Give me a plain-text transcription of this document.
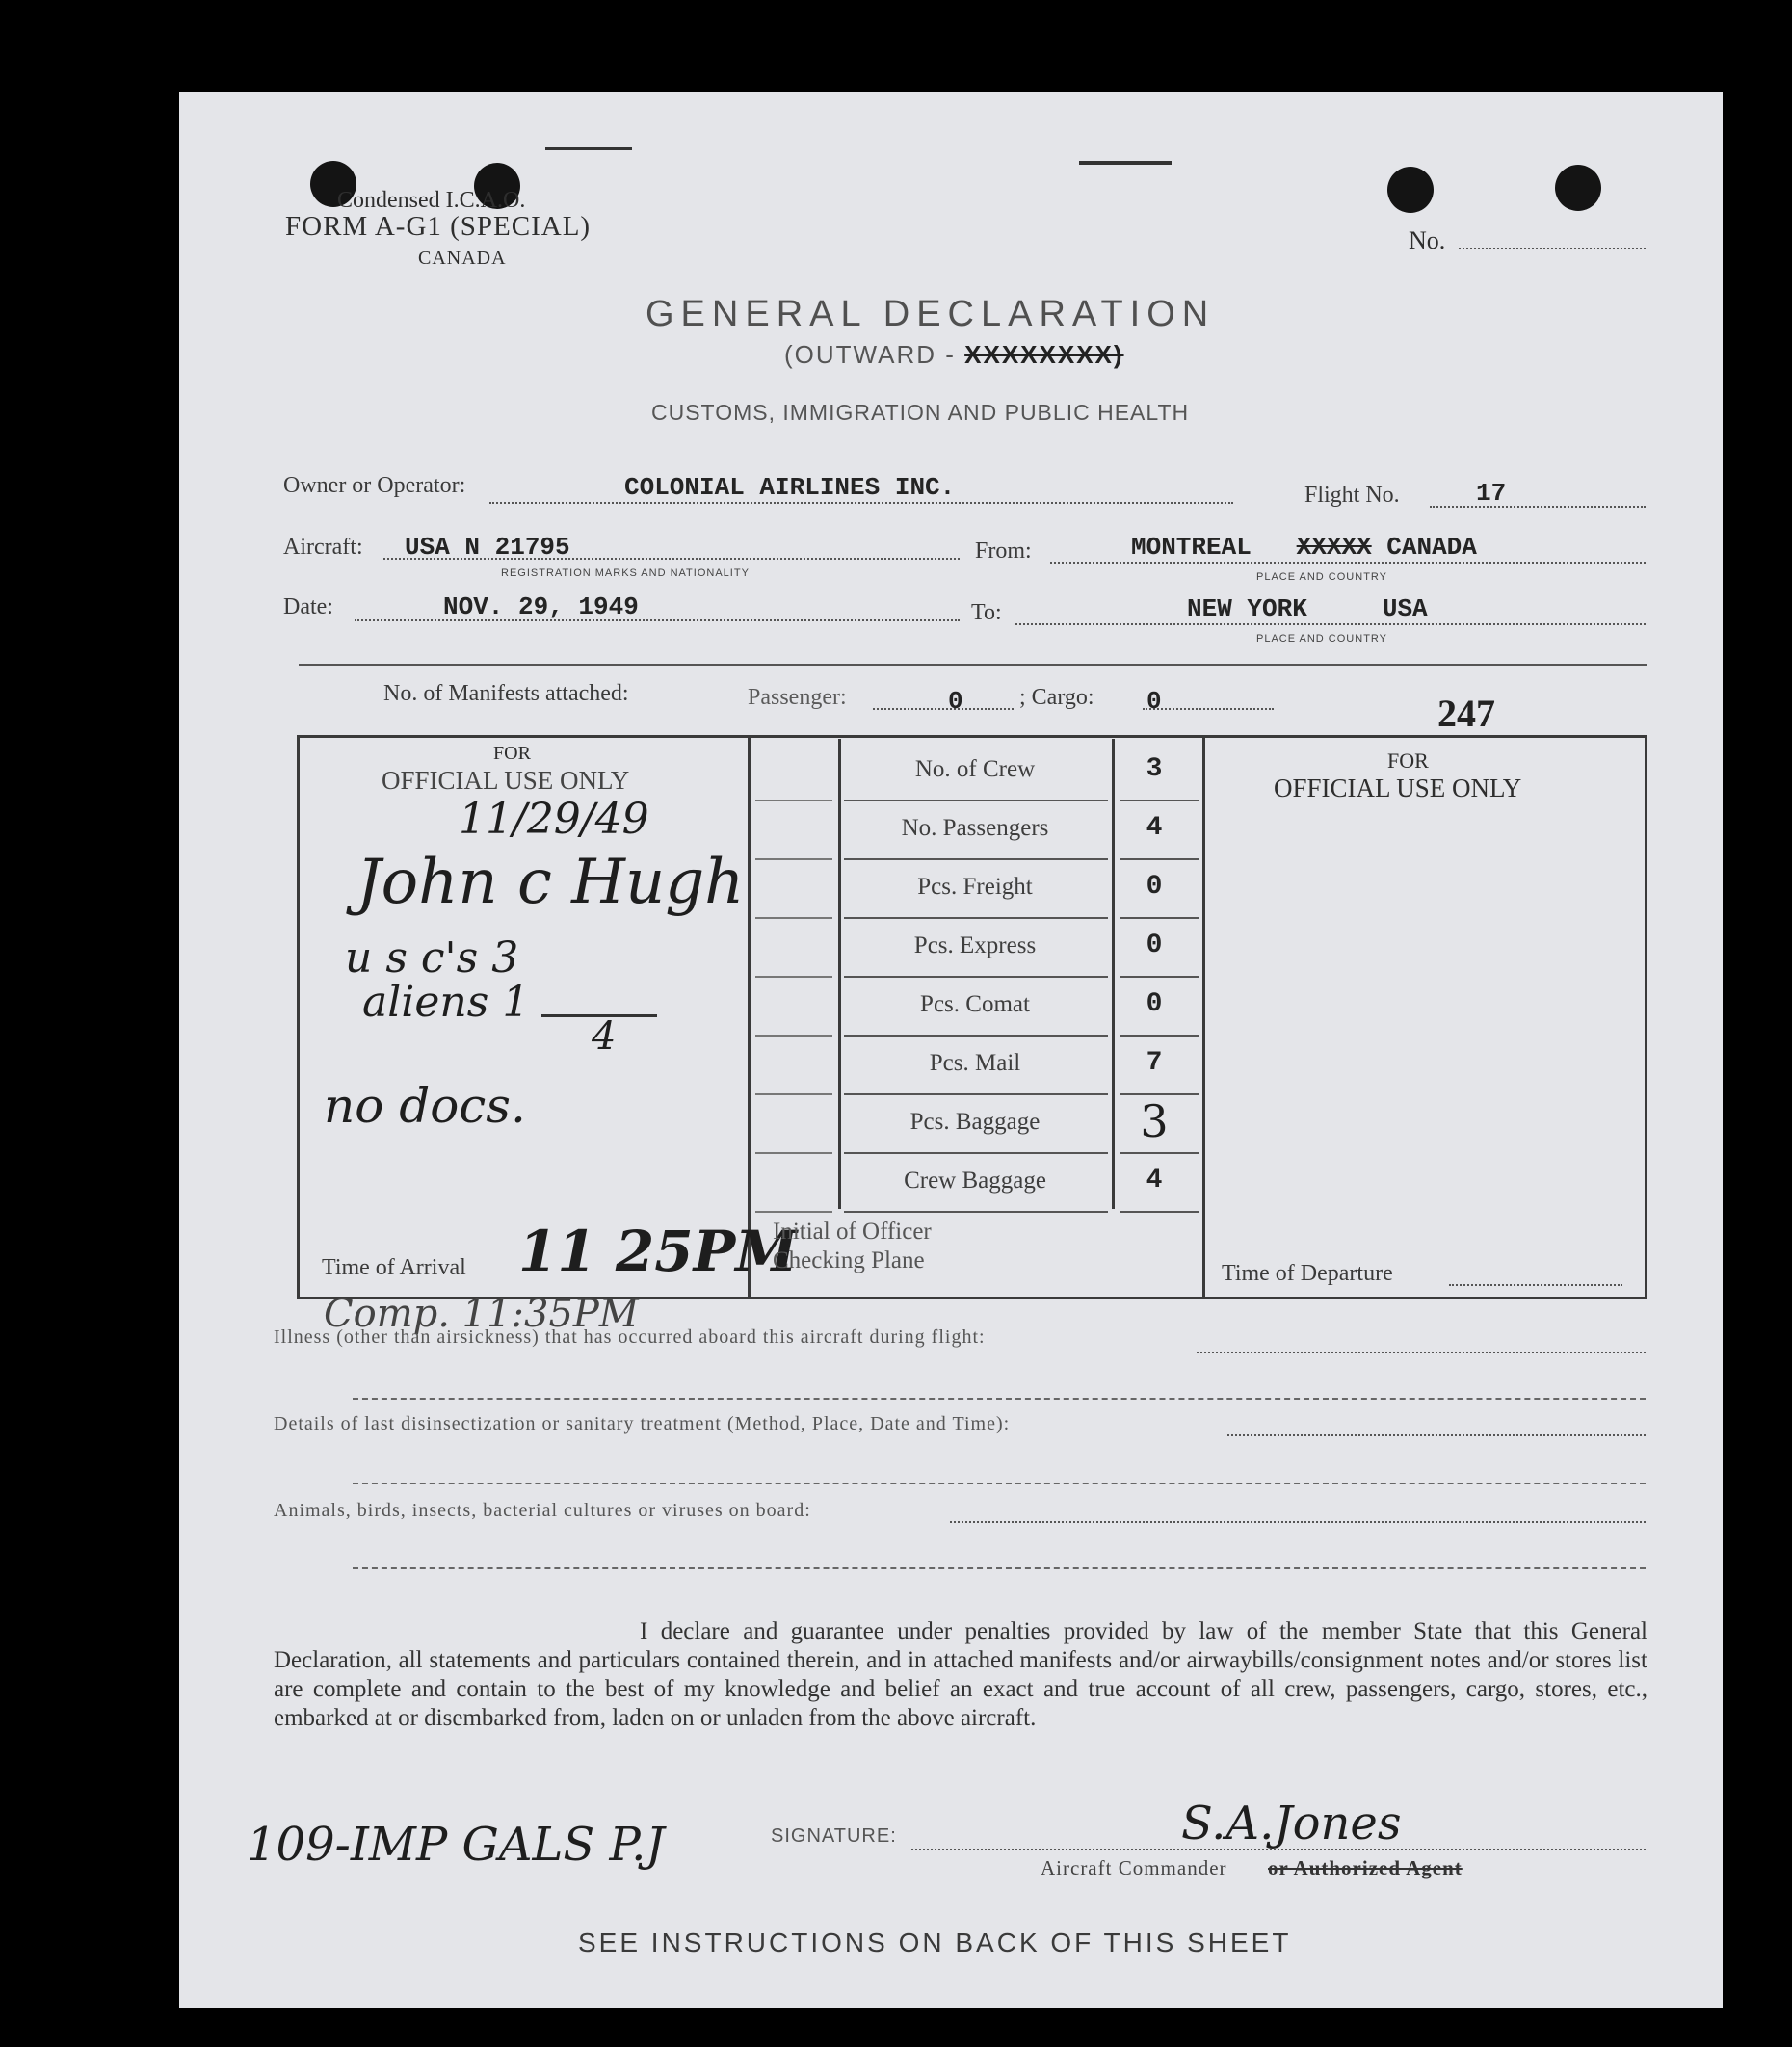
Condensed I.C.A.O.
FORM A-G1 (SPECIAL)
CANADA
No.
GENERAL DECLARATION
(OUTWARD - XXXXXXXX)
CUSTOMS, IMMIGRATION AND PUBLIC HEALTH
Owner or Operator:	COLONIAL AIRLINES INC.	Flight No.	17
Aircraft: USA N 21795
REGISTRATION MARKS AND NATIONALITY
From:	MONTREAL XXXXX CANADA
PLACE AND COUNTRY
Date:	NOV. 29, 1949	To:	NEW YORK	USA
PLACE AND COUNTRY
No. of Manifests attached:	Passenger:	0 ; Cargo: 0	247
FOR
OFFICIAL USE ONLY
11/29/49
John c Hugh
u s c's 3
aliens 1
4
no docs.
Time of Arrival 11 25PM
No. of Crew	3
No. Passengers	4
Pcs. Freight	0
Pcs. Express	0
Pcs. Comat	0
Pcs. Mail	7
Pcs. Baggage	3
Crew Baggage	4
Initial of Officer
Checking Plane
FOR
OFFICIAL USE ONLY
Time of Departure
Comp. 11:35PM
Illness (other than airsickness) that has occurred aboard this aircraft during flight:
Details of last disinsectization or sanitary treatment (Method, Place, Date and Time):
Animals, birds, insects, bacterial cultures or viruses on board:
I declare and guarantee under penalties provided by law of the member State that this General Declaration, all statements and particulars contained therein, and in attached manifests and/or airwaybills/consignment notes and/or stores list are complete and contain to the best of my knowledge and belief an exact and true account of all crew, passengers, cargo, stores, etc., embarked at or disembarked from, laden on or unladen from the above aircraft.
109-IMP GALS P.J	SIGNATURE:	S.A.Jones
Aircraft Commander or Authorized Agent
SEE INSTRUCTIONS ON BACK OF THIS SHEET
